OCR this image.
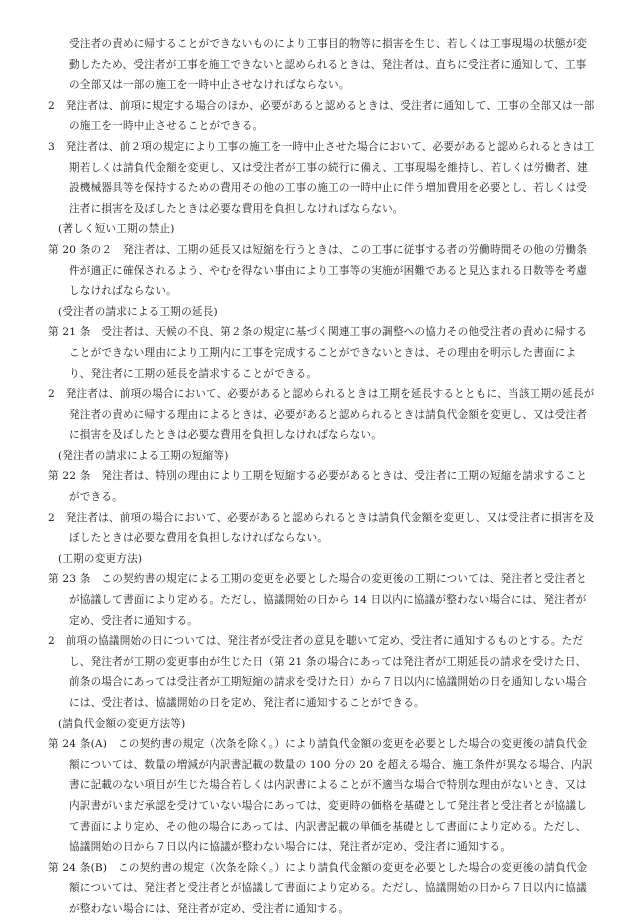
受注者の責めに帰することができないものにより工事目的物等に損害を生じ、若しくは工事現場の状態が変動したため、受注者が工事を施工できないと認められるときは、発注者は、直ちに受注者に通知して、工事の全部又は一部の施工を一時中止させなければならない。

2　発注者は、前項に規定する場合のほか、必要があると認めるときは、受注者に通知して、工事の全部又は一部の施工を一時中止させることができる。

3　発注者は、前２項の規定により工事の施工を一時中止させた場合において、必要があると認められるときは工期若しくは請負代金額を変更し、又は受注者が工事の続行に備え、工事現場を維持し、若しくは労働者、建設機械器具等を保持するための費用その他の工事の施工の一時中止に伴う増加費用を必要とし、若しくは受注者に損害を及ぼしたときは必要な費用を負担しなければならない。

(著しく短い工期の禁止)

第 20 条の２　発注者は、工期の延長又は短縮を行うときは、この工事に従事する者の労働時間その他の労働条件が適正に確保されるよう、やむを得ない事由により工事等の実施が困難であると見込まれる日数等を考慮しなければならない。

(受注者の請求による工期の延長)

第 21 条　受注者は、天候の不良、第２条の規定に基づく関連工事の調整への協力その他受注者の責めに帰することができない理由により工期内に工事を完成することができないときは、その理由を明示した書面により、発注者に工期の延長を請求することができる。

2　発注者は、前項の場合において、必要があると認められるときは工期を延長するとともに、当該工期の延長が発注者の責めに帰する理由によるときは、必要があると認められるときは請負代金額を変更し、又は受注者に損害を及ぼしたときは必要な費用を負担しなければならない。

(発注者の請求による工期の短縮等)

第 22 条　発注者は、特別の理由により工期を短縮する必要があるときは、受注者に工期の短縮を請求することができる。

2　発注者は、前項の場合において、必要があると認められるときは請負代金額を変更し、又は受注者に損害を及ぼしたときは必要な費用を負担しなければならない。

(工期の変更方法)

第 23 条　この契約書の規定による工期の変更を必要とした場合の変更後の工期については、発注者と受注者とが協議して書面により定める。ただし、協議開始の日から 14 日以内に協議が整わない場合には、発注者が定め、受注者に通知する。

2　前項の協議開始の日については、発注者が受注者の意見を聴いて定め、受注者に通知するものとする。ただし、発注者が工期の変更事由が生じた日（第 21 条の場合にあっては発注者が工期延長の請求を受けた日、前条の場合にあっては受注者が工期短縮の請求を受けた日）から７日以内に協議開始の日を通知しない場合には、受注者は、協議開始の日を定め、発注者に通知することができる。

(請負代金額の変更方法等)

第 24 条(A)　この契約書の規定（次条を除く。）により請負代金額の変更を必要とした場合の変更後の請負代金額については、数量の増減が内訳書記載の数量の 100 分の 20 を超える場合、施工条件が異なる場合、内訳書に記載のない項目が生じた場合若しくは内訳書によることが不適当な場合で特別な理由がないとき、又は内訳書がいまだ承認を受けていない場合にあっては、変更時の価格を基礎として発注者と受注者とが協議して書面により定め、その他の場合にあっては、内訳書記載の単価を基礎として書面により定める。ただし、協議開始の日から７日以内に協議が整わない場合には、発注者が定め、受注者に通知する。

第 24 条(B)　この契約書の規定（次条を除く。）により請負代金額の変更を必要とした場合の変更後の請負代金額については、発注者と受注者とが協議して書面により定める。ただし、協議開始の日から７日以内に協議が整わない場合には、発注者が定め、受注者に通知する。
